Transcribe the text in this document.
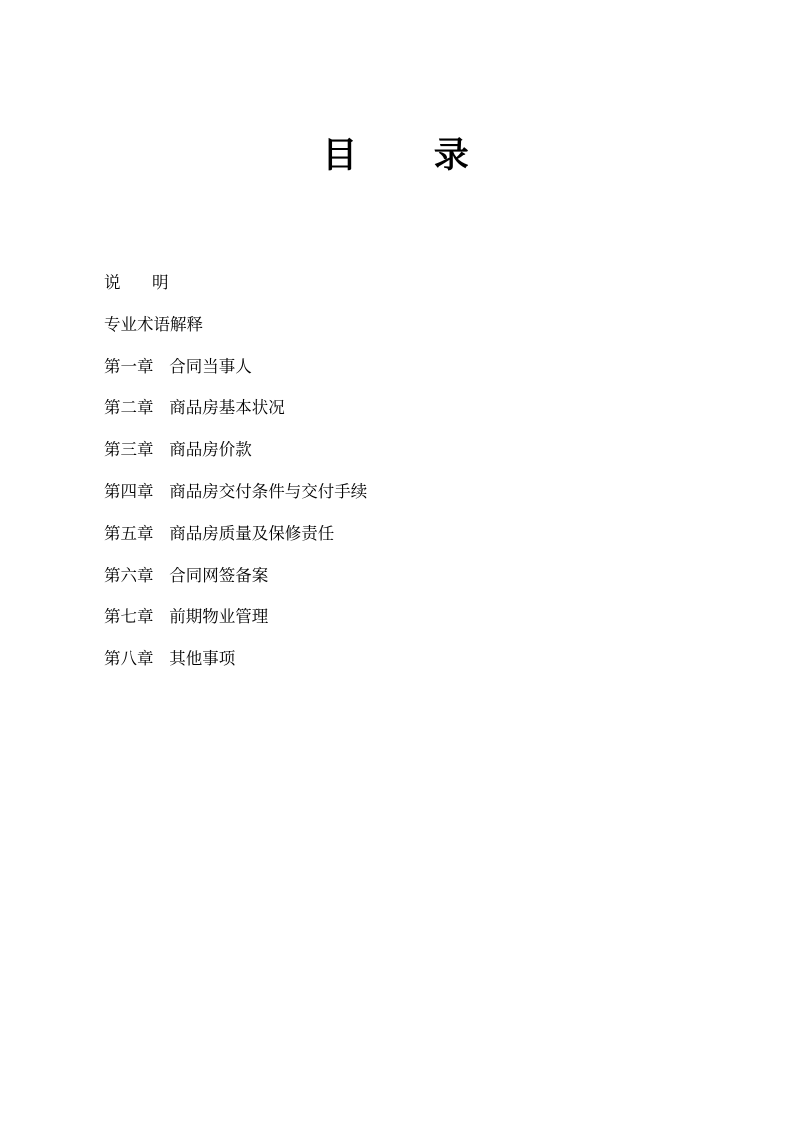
目 录
说      明
专业术语解释
第一章   合同当事人
第二章   商品房基本状况
第三章   商品房价款
第四章   商品房交付条件与交付手续
第五章   商品房质量及保修责任
第六章   合同网签备案
第七章   前期物业管理
第八章   其他事项
